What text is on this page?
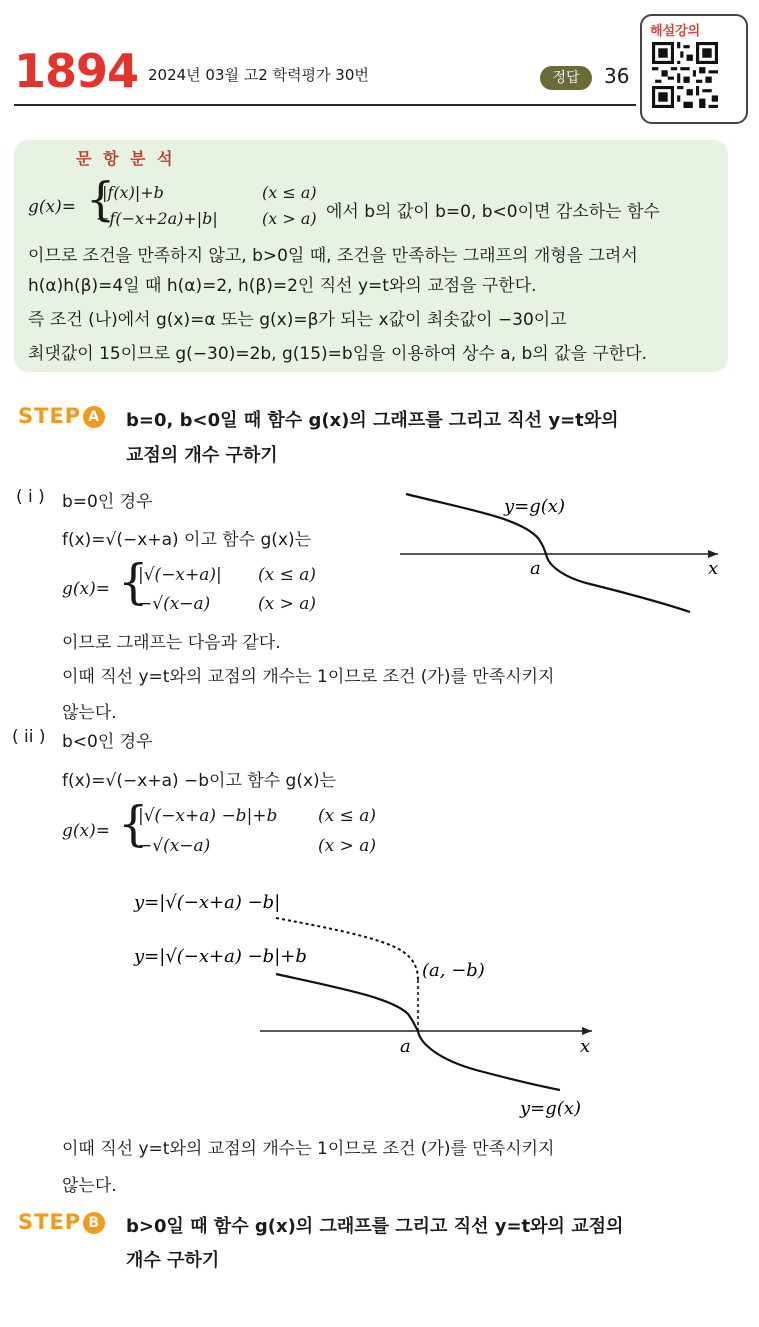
1894 2024년 03월 고2 학력평가 30번	정답	36
해설강의
문 항 분 석
g(x)= {
|f(x)|+b	(x ≤ a)
−f(−x+2a)+|b|	(x > a) 에서 b의 값이 b=0, b<0이면 감소하는 함수
이므로 조건을 만족하지 않고, b>0일 때, 조건을 만족하는 그래프의 개형을 그려서
h(α)h(β)=4일 때 h(α)=2, h(β)=2인 직선 y=t와의 교점을 구한다.
즉 조건 (나)에서 g(x)=α 또는 g(x)=β가 되는 x값이 최솟값이 −30이고
최댓값이 15이므로 g(−30)=2b, g(15)=b임을 이용하여 상수 a, b의 값을 구한다.
STEP A b=0, b<0일 때 함수 g(x)의 그래프를 그리고 직선 y=t와의
교점의 개수 구하기
( i ) b=0인 경우
f(x)=√(−x+a) 이고 함수 g(x)는
g(x)= {
|√(−x+a)| (x ≤ a)
−√(x−a)	(x > a)
이므로 그래프는 다음과 같다.
이때 직선 y=t와의 교점의 개수는 1이므로 조건 (가)를 만족시키지
않는다.
y=g(x)
a	x
( ii ) b<0인 경우
f(x)=√(−x+a) −b이고 함수 g(x)는
g(x)= {
|√(−x+a) −b|+b (x ≤ a)
−√(x−a)	(x > a)
y=|√(−x+a) −b|
y=|√(−x+a) −b|+b
(a, −b)
a	x
y=g(x)
이때 직선 y=t와의 교점의 개수는 1이므로 조건 (가)를 만족시키지
않는다.
STEP B b>0일 때 함수 g(x)의 그래프를 그리고 직선 y=t와의 교점의
개수 구하기
